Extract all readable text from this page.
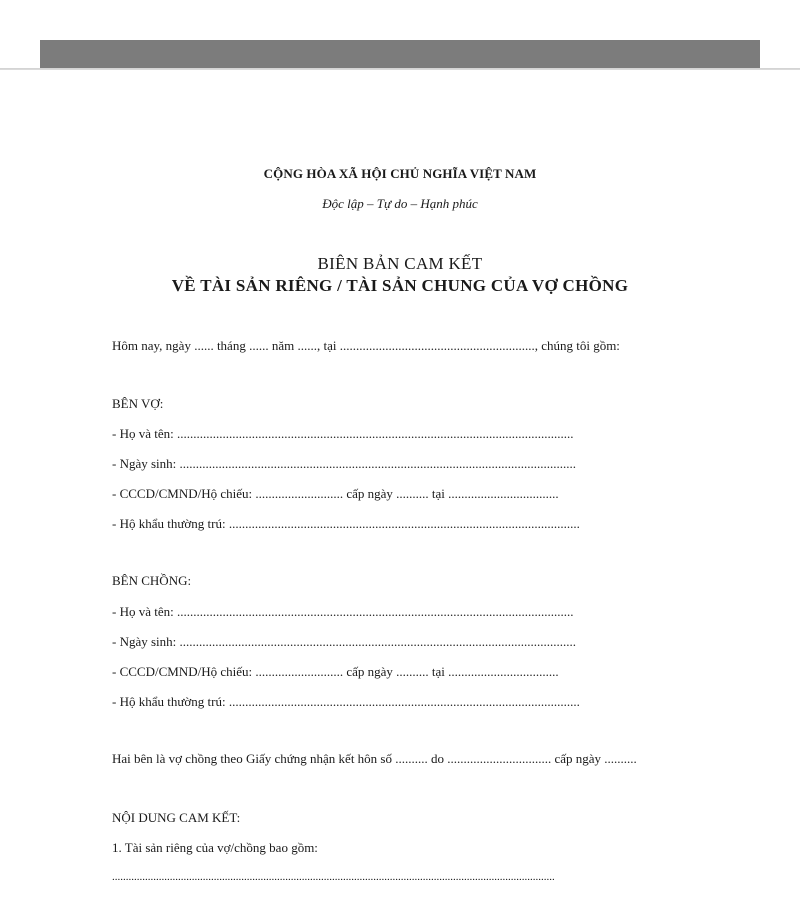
CỘNG HÒA XÃ HỘI CHỦ NGHĨA VIỆT NAM
Độc lập – Tự do – Hạnh phúc
BIÊN BẢN CAM KẾT
VỀ TÀI SẢN RIÊNG / TÀI SẢN CHUNG CỦA VỢ CHỒNG
Hôm nay, ngày ...... tháng ...... năm ......, tại ............................................................, chúng tôi gồm:
BÊN VỢ:
- Họ và tên: ..........................................................................................................................
- Ngày sinh: ..........................................................................................................................
- CCCD/CMND/Hộ chiếu: ........................... cấp ngày .......... tại ..................................
- Hộ khẩu thường trú: ............................................................................................................
BÊN CHỒNG:
- Họ và tên: ..........................................................................................................................
- Ngày sinh: ..........................................................................................................................
- CCCD/CMND/Hộ chiếu: ........................... cấp ngày .......... tại ..................................
- Hộ khẩu thường trú: ............................................................................................................
Hai bên là vợ chồng theo Giấy chứng nhận kết hôn số .......... do ................................ cấp ngày ..........
NỘI DUNG CAM KẾT:
1. Tài sản riêng của vợ/chồng bao gồm:
.................................................................................................................................................................
